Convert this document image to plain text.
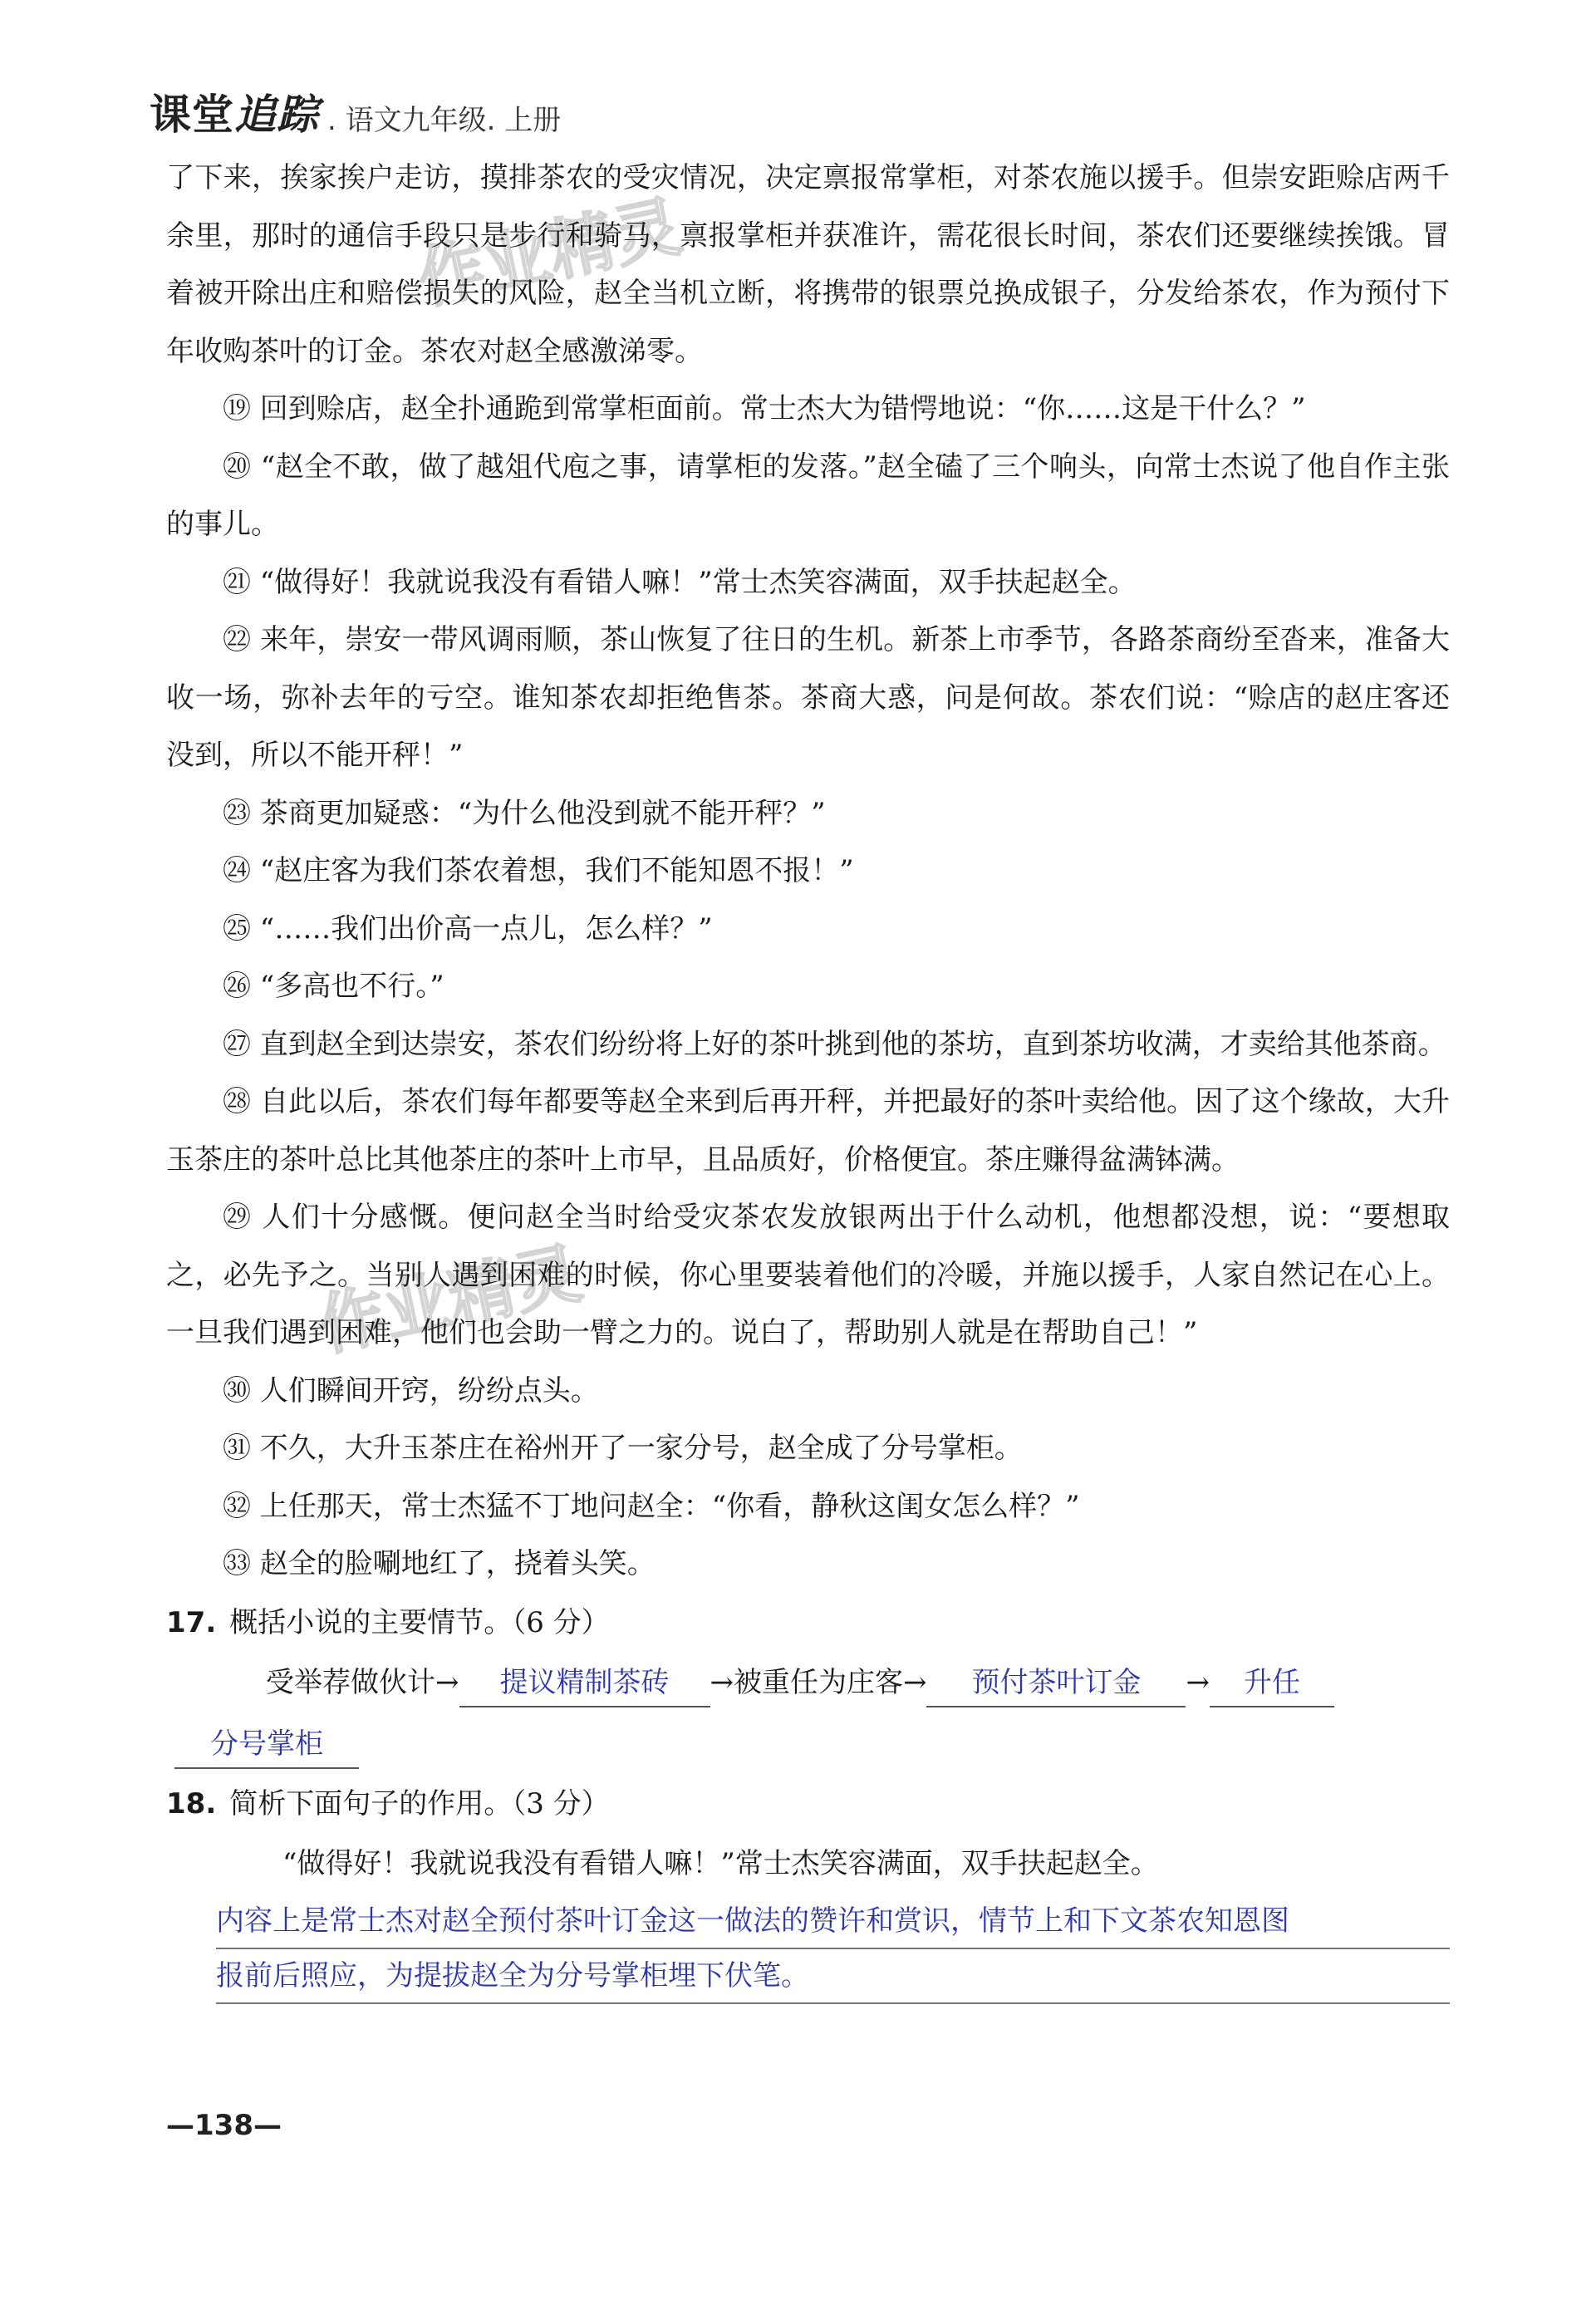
课堂追踪 . 语文九年级. 上册
作业精灵
作业精灵

了下来，挨家挨户走访，摸排茶农的受灾情况，决定禀报常掌柜，对茶农施以援手。但崇安距赊店两千余里，那时的通信手段只是步行和骑马，禀报掌柜并获准许，需花很长时间，茶农们还要继续挨饿。冒着被开除出庄和赔偿损失的风险，赵全当机立断，将携带的银票兑换成银子，分发给茶农，作为预付下年收购茶叶的订金。茶农对赵全感激涕零。

⑲ 回到赊店，赵全扑通跪到常掌柜面前。常士杰大为错愕地说：“你……这是干什么？”

⑳ “赵全不敢，做了越俎代庖之事，请掌柜的发落。”赵全磕了三个响头，向常士杰说了他自作主张的事儿。

㉑ “做得好！我就说我没有看错人嘛！”常士杰笑容满面，双手扶起赵全。

㉒ 来年，崇安一带风调雨顺，茶山恢复了往日的生机。新茶上市季节，各路茶商纷至沓来，准备大收一场，弥补去年的亏空。谁知茶农却拒绝售茶。茶商大惑，问是何故。茶农们说：“赊店的赵庄客还没到，所以不能开秤！”

㉓ 茶商更加疑惑：“为什么他没到就不能开秤？”

㉔ “赵庄客为我们茶农着想，我们不能知恩不报！”

㉕ “……我们出价高一点儿，怎么样？”

㉖ “多高也不行。”

㉗ 直到赵全到达崇安，茶农们纷纷将上好的茶叶挑到他的茶坊，直到茶坊收满，才卖给其他茶商。

㉘ 自此以后，茶农们每年都要等赵全来到后再开秤，并把最好的茶叶卖给他。因了这个缘故，大升玉茶庄的茶叶总比其他茶庄的茶叶上市早，且品质好，价格便宜。茶庄赚得盆满钵满。

㉙ 人们十分感慨。便问赵全当时给受灾茶农发放银两出于什么动机，他想都没想，说：“要想取之，必先予之。当别人遇到困难的时候，你心里要装着他们的冷暖，并施以援手，人家自然记在心上。一旦我们遇到困难，他们也会助一臂之力的。说白了，帮助别人就是在帮助自己！”

㉚ 人们瞬间开窍，纷纷点头。

㉛ 不久，大升玉茶庄在裕州开了一家分号，赵全成了分号掌柜。

㉜ 上任那天，常士杰猛不丁地问赵全：“你看，静秋这闺女怎么样？”

㉝ 赵全的脸唰地红了，挠着头笑。

17. 概括小说的主要情节。（6 分）

受举荐做伙计→ 提议精制茶砖 →被重任为庄客→ 预付茶叶订金 → 升任
分号掌柜

18. 简析下面句子的作用。（3 分）

“做得好！我就说我没有看错人嘛！”常士杰笑容满面，双手扶起赵全。

内容上是常士杰对赵全预付茶叶订金这一做法的赞许和赏识，情节上和下文茶农知恩图
报前后照应，为提拔赵全为分号掌柜埋下伏笔。
—138—
